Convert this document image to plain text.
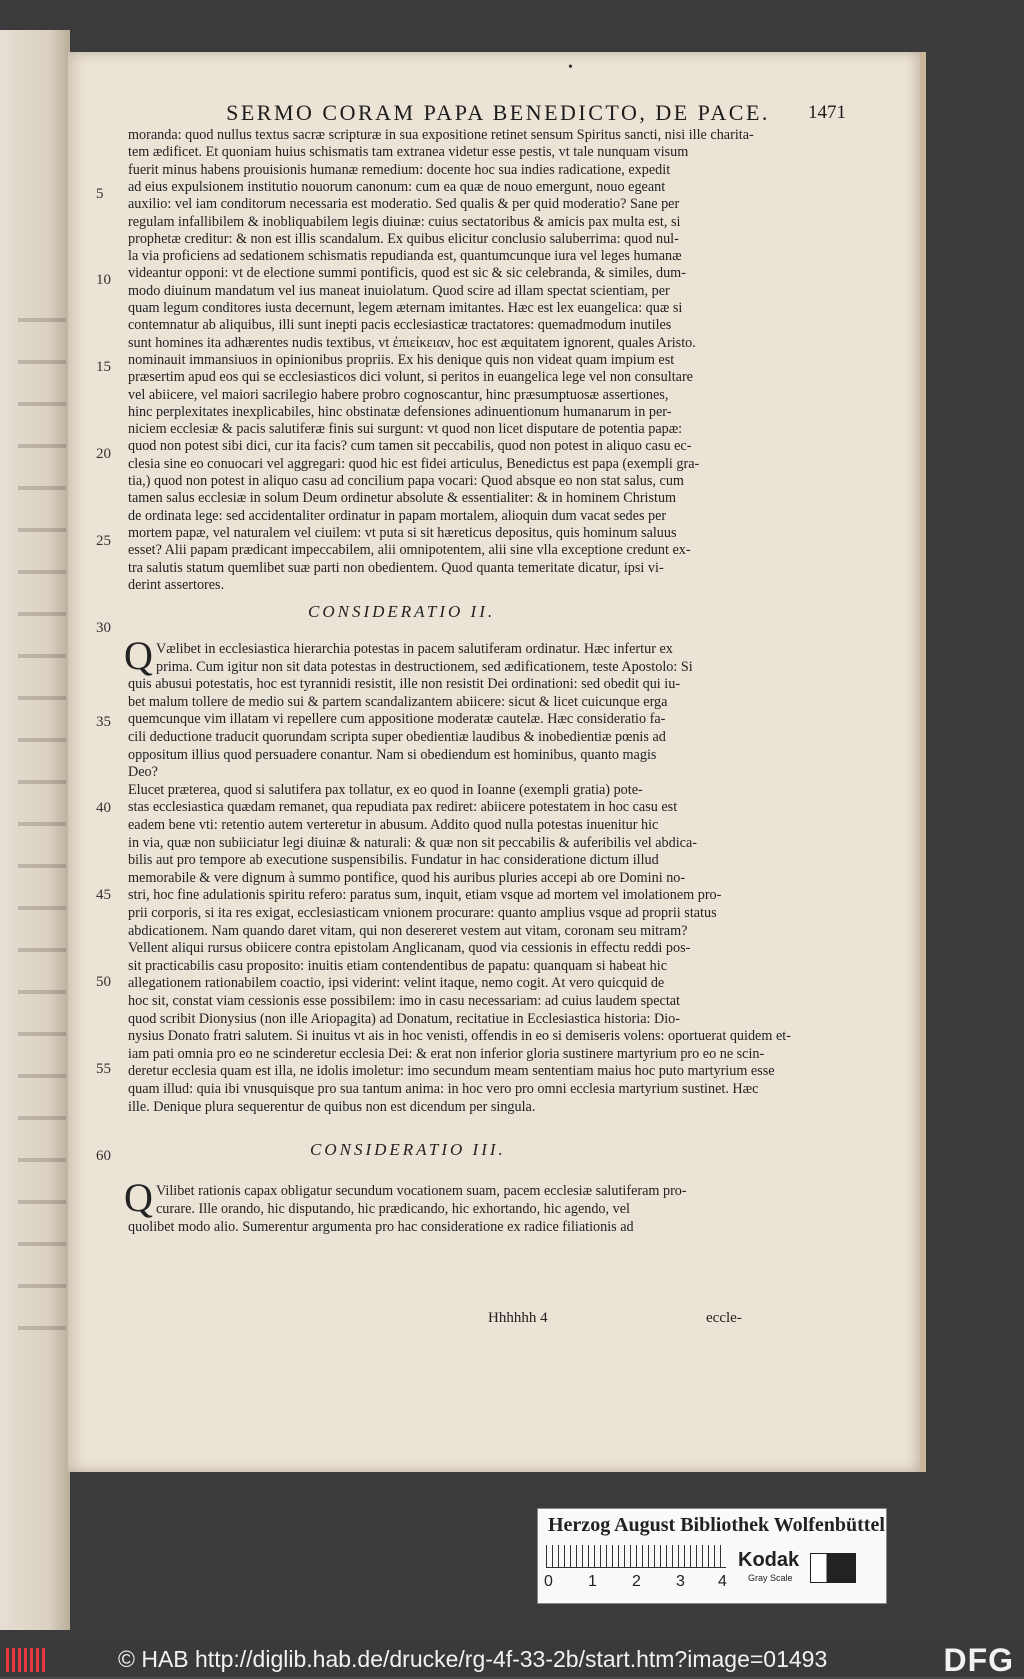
•
SERMO CORAM PAPA BENEDICTO, DE PACE.	1471
moranda: quod nullus textus sacræ scripturæ in sua expositione retinet sensum Spiritus sancti, nisi ille charita-
tem ædificet. Et quoniam huius schismatis tam extranea videtur esse pestis, vt tale nunquam visum
fuerit minus habens prouisionis humanæ remedium: docente hoc sua indies radicatione, expedit
ad eius expulsionem institutio nouorum canonum: cum ea quæ de nouo emergunt, nouo egeant
auxilio: vel iam conditorum necessaria est moderatio. Sed qualis & per quid moderatio? Sane per
regulam infallibilem & inobliquabilem legis diuinæ: cuius sectatoribus & amicis pax multa est, si
prophetæ creditur: & non est illis scandalum. Ex quibus elicitur conclusio saluberrima: quod nul-
la via proficiens ad sedationem schismatis repudianda est, quantumcunque iura vel leges humanæ
videantur opponi: vt de electione summi pontificis, quod est sic & sic celebranda, & similes, dum-
modo diuinum mandatum vel ius maneat inuiolatum. Quod scire ad illam spectat scientiam, per
quam legum conditores iusta decernunt, legem æternam imitantes. Hæc est lex euangelica: quæ si
contemnatur ab aliquibus, illi sunt inepti pacis ecclesiasticæ tractatores: quemadmodum inutiles
sunt homines ita adhærentes nudis textibus, vt ἐπιείκειαν, hoc est æquitatem ignorent, quales Aristo.
nominauit immansiuos in opinionibus propriis. Ex his denique quis non videat quam impium est
præsertim apud eos qui se ecclesiasticos dici volunt, si peritos in euangelica lege vel non consultare
vel abiicere, vel maiori sacrilegio habere probro cognoscantur, hinc præsumptuosæ assertiones,
hinc perplexitates inexplicabiles, hinc obstinatæ defensiones adinuentionum humanarum in per-
niciem ecclesiæ & pacis salutiferæ finis sui surgunt: vt quod non licet disputare de potentia papæ:
quod non potest sibi dici, cur ita facis? cum tamen sit peccabilis, quod non potest in aliquo casu ec-
clesia sine eo conuocari vel aggregari: quod hic est fidei articulus, Benedictus est papa (exempli gra-
tia,) quod non potest in aliquo casu ad concilium papa vocari: Quod absque eo non stat salus, cum
tamen salus ecclesiæ in solum Deum ordinetur absolute & essentialiter: & in hominem Christum
de ordinata lege: sed accidentaliter ordinatur in papam mortalem, alioquin dum vacat sedes per
mortem papæ, vel naturalem vel ciuilem: vt puta si sit hæreticus depositus, quis hominum saluus
esset? Alii papam prædicant impeccabilem, alii omnipotentem, alii sine vlla exceptione credunt ex-
tra salutis statum quemlibet suæ parti non obedientem. Quod quanta temeritate dicatur, ipsi vi-
derint assertores.
CONSIDERATIO II.
Q Vælibet in ecclesiastica hierarchia potestas in pacem salutiferam ordinatur. Hæc infertur ex
prima. Cum igitur non sit data potestas in destructionem, sed ædificationem, teste Apostolo: Si
quis abusui potestatis, hoc est tyrannidi resistit, ille non resistit Dei ordinationi: sed obedit qui iu-
bet malum tollere de medio sui & partem scandalizantem abiicere: sicut & licet cuicunque erga
quemcunque vim illatam vi repellere cum appositione moderatæ cautelæ. Hæc consideratio fa-
cili deductione traducit quorundam scripta super obedientiæ laudibus & inobedientiæ pœnis ad
oppositum illius quod persuadere conantur. Nam si obediendum est hominibus, quanto magis
Deo?
Elucet præterea, quod si salutifera pax tollatur, ex eo quod in Ioanne (exempli gratia) pote-
stas ecclesiastica quædam remanet, qua repudiata pax rediret: abiicere potestatem in hoc casu est
eadem bene vti: retentio autem verteretur in abusum. Addito quod nulla potestas inuenitur hic
in via, quæ non subiiciatur legi diuinæ & naturali: & quæ non sit peccabilis & auferibilis vel abdica-
bilis aut pro tempore ab executione suspensibilis. Fundatur in hac consideratione dictum illud
memorabile & vere dignum à summo pontifice, quod his auribus pluries accepi ab ore Domini no-
stri, hoc fine adulationis spiritu refero: paratus sum, inquit, etiam vsque ad mortem vel imolationem pro-
prii corporis, si ita res exigat, ecclesiasticam vnionem procurare: quanto amplius vsque ad proprii status
abdicationem. Nam quando daret vitam, qui non desereret vestem aut vitam, coronam seu mitram?
Vellent aliqui rursus obiicere contra epistolam Anglicanam, quod via cessionis in effectu reddi pos-
sit practicabilis casu proposito: inuitis etiam contendentibus de papatu: quanquam si habeat hic
allegationem rationabilem coactio, ipsi viderint: velint itaque, nemo cogit. At vero quicquid de
hoc sit, constat viam cessionis esse possibilem: imo in casu necessariam: ad cuius laudem spectat
quod scribit Dionysius (non ille Ariopagita) ad Donatum, recitatiue in Ecclesiastica historia: Dio-
nysius Donato fratri salutem. Si inuitus vt ais in hoc venisti, offendis in eo si demiseris volens: oportuerat quidem et-
iam pati omnia pro eo ne scinderetur ecclesia Dei: & erat non inferior gloria sustinere martyrium pro eo ne scin-
deretur ecclesia quam est illa, ne idolis imoletur: imo secundum meam sententiam maius hoc puto martyrium esse
quam illud: quia ibi vnusquisque pro sua tantum anima: in hoc vero pro omni ecclesia martyrium sustinet. Hæc
ille. Denique plura sequerentur de quibus non est dicendum per singula.
CONSIDERATIO III.
Q Vilibet rationis capax obligatur secundum vocationem suam, pacem ecclesiæ salutiferam pro-
curare. Ille orando, hic disputando, hic prædicando, hic exhortando, hic agendo, vel
quolibet modo alio. Sumerentur argumenta pro hac consideratione ex radice filiationis ad
5
10
15
20
25
30
35
40
45
50
55
60
Hhhhhh 4	eccle-
Herzog August Bibliothek Wolfenbüttel
0 1 2 3 4
Kodak
Gray Scale
© HAB http://diglib.hab.de/drucke/rg-4f-33-2b/start.htm?image=01493	DFG
